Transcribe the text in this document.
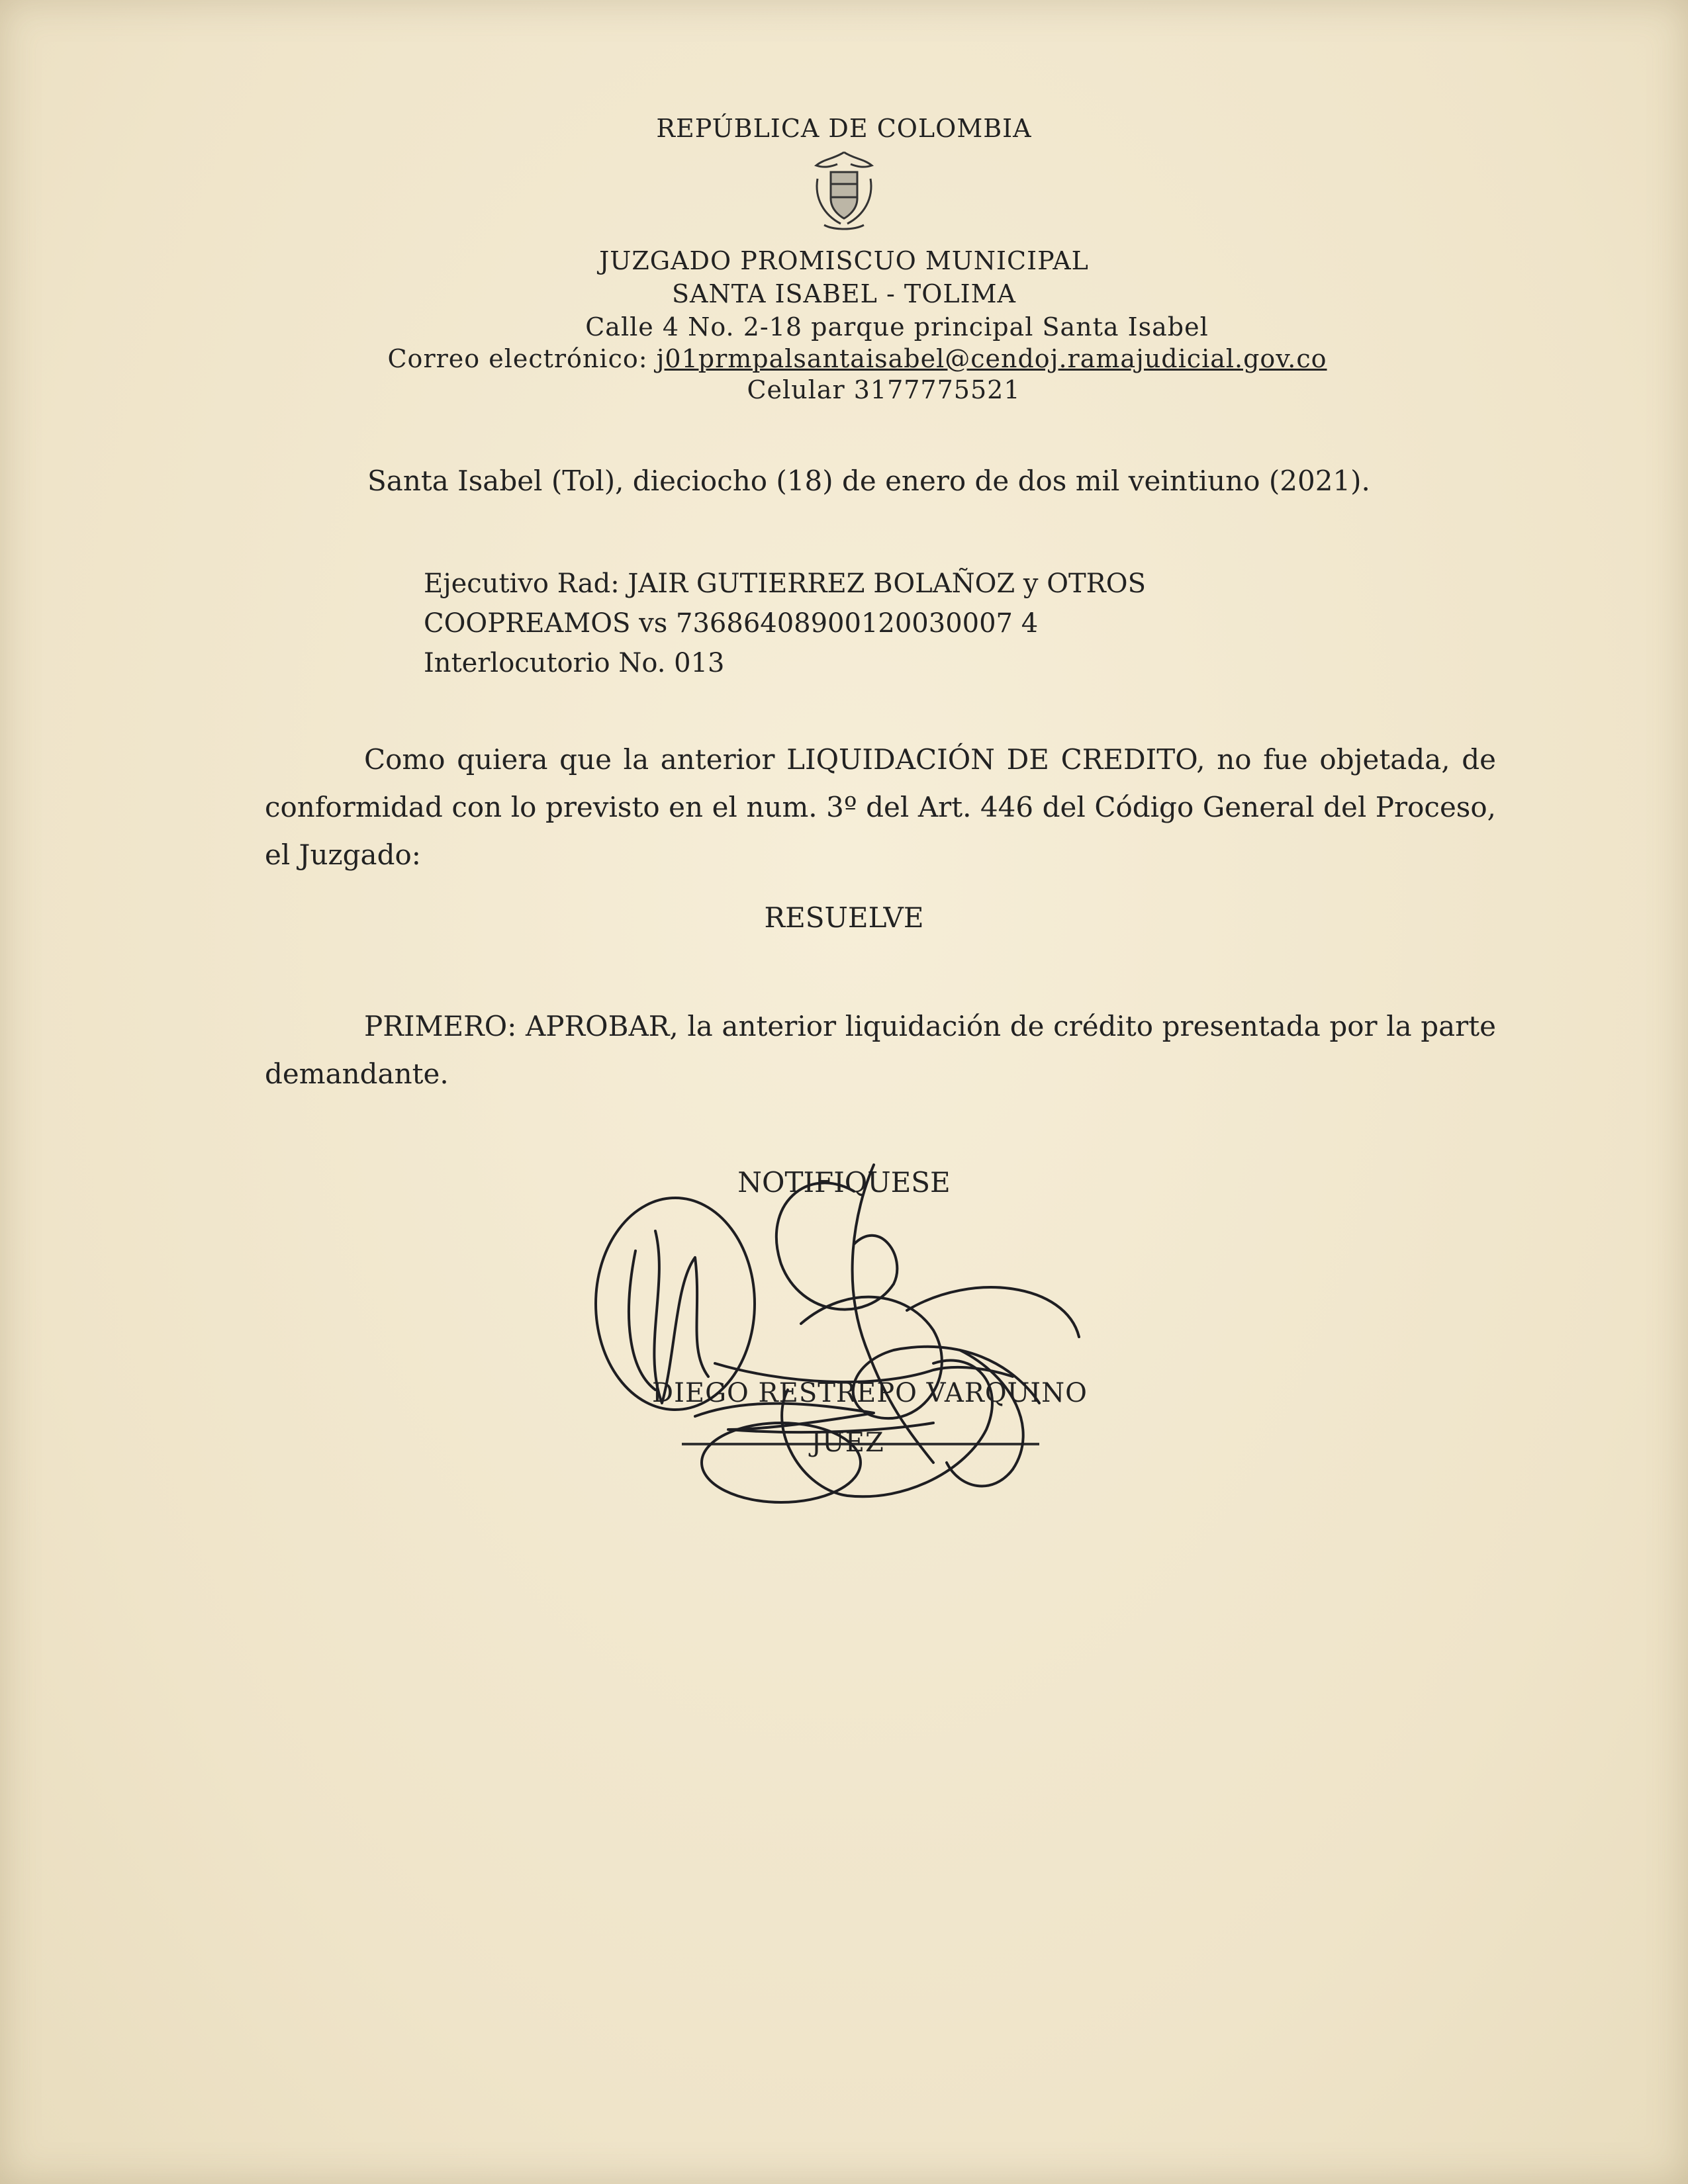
REPÚBLICA DE COLOMBIA
JUZGADO PROMISCUO MUNICIPAL
SANTA ISABEL - TOLIMA
Calle 4 No. 2-18 parque principal Santa Isabel
Correo electrónico: j01prmpalsantaisabel@cendoj.ramajudicial.gov.co
Celular 3177775521
Santa Isabel (Tol), dieciocho (18) de enero de dos mil veintiuno (2021).
Ejecutivo Rad: JAIR GUTIERREZ BOLAÑOZ y OTROS
COOPREAMOS vs 73686408900120030007 4
Interlocutorio No. 013
Como quiera que la anterior LIQUIDACIÓN DE CREDITO, no fue objetada, de conformidad con lo previsto en el num. 3º del Art. 446 del Código General del Proceso, el Juzgado:
RESUELVE
PRIMERO: APROBAR, la anterior liquidación de crédito presentada por la parte demandante.
NOTIFIQUESE
DIEGO RESTREPO VARQUINO
JUEZ
